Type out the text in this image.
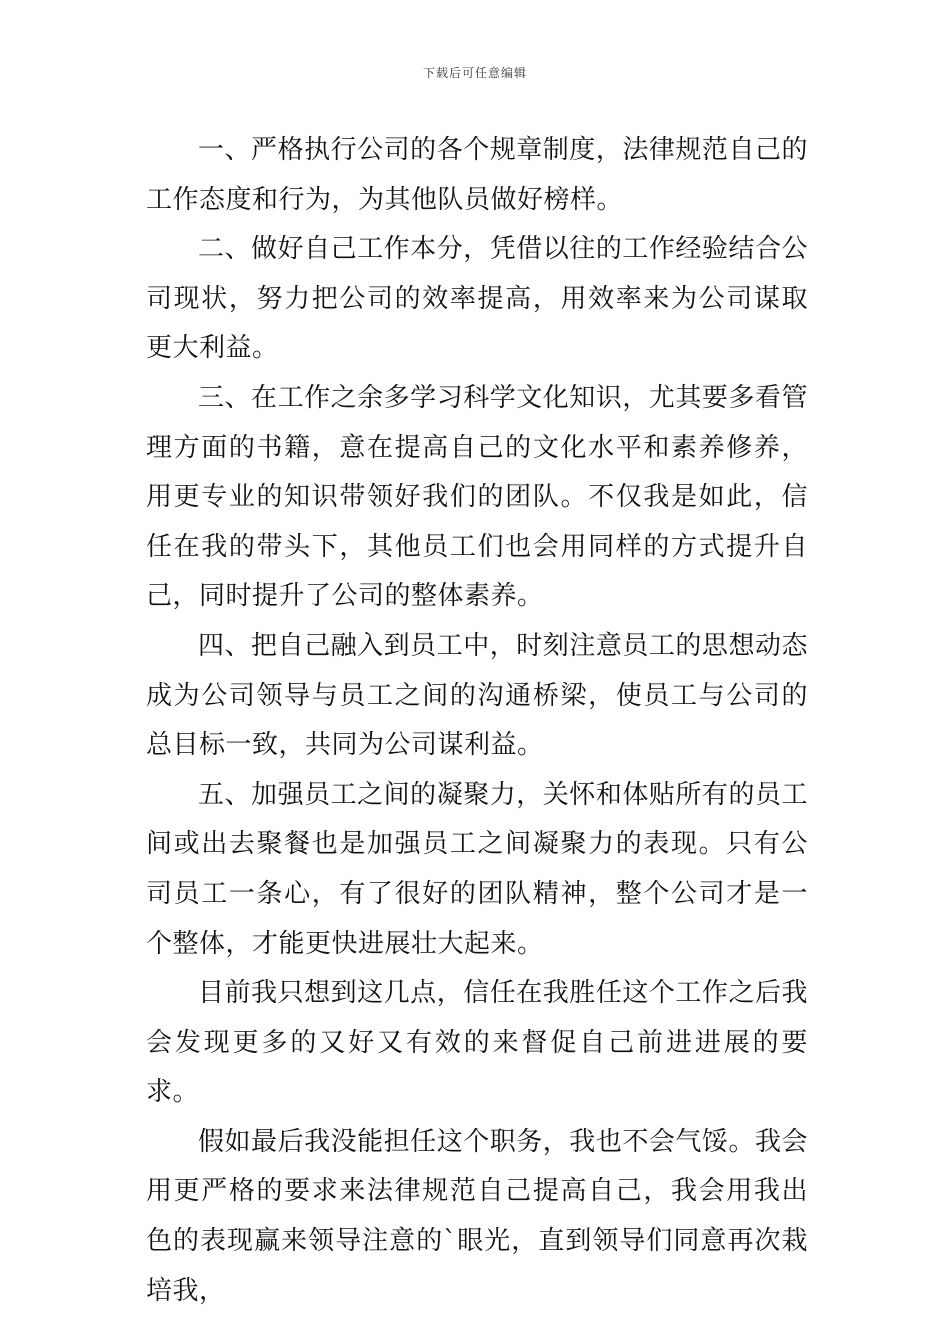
下载后可任意编辑

一、严格执行公司的各个规章制度，法律规范自己的工作态度和行为，为其他队员做好榜样。

二、做好自己工作本分，凭借以往的工作经验结合公司现状，努力把公司的效率提高，用效率来为公司谋取更大利益。

三、在工作之余多学习科学文化知识，尤其要多看管理方面的书籍，意在提高自己的文化水平和素养修养，用更专业的知识带领好我们的团队。不仅我是如此，信任在我的带头下，其他员工们也会用同样的方式提升自己，同时提升了公司的整体素养。

四、把自己融入到员工中，时刻注意员工的思想动态成为公司领导与员工之间的沟通桥梁，使员工与公司的总目标一致，共同为公司谋利益。

五、加强员工之间的凝聚力，关怀和体贴所有的员工间或出去聚餐也是加强员工之间凝聚力的表现。只有公司员工一条心，有了很好的团队精神，整个公司才是一个整体，才能更快进展壮大起来。

目前我只想到这几点，信任在我胜任这个工作之后我会发现更多的又好又有效的来督促自己前进进展的要求。

假如最后我没能担任这个职务，我也不会气馁。我会用更严格的要求来法律规范自己提高自己，我会用我出色的表现赢来领导注意的`眼光，直到领导们同意再次栽培我，
